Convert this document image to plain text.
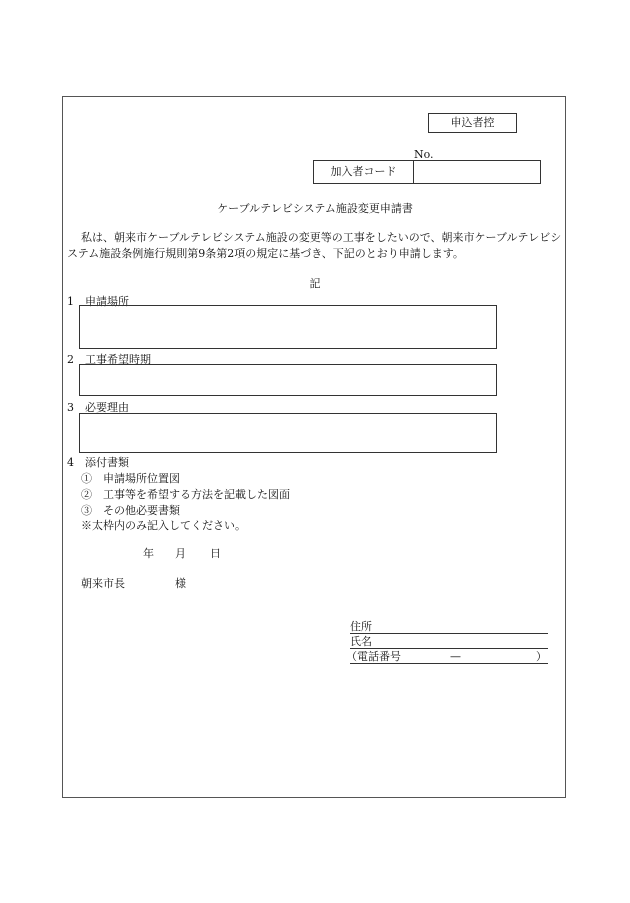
申込者控
No.
加入者コード
ケーブルテレビシステム施設変更申請書
私は、朝来市ケーブルテレビシステム施設の変更等の工事をしたいので、朝来市ケーブルテレビシステム施設条例施行規則第9条第2項の規定に基づき、下記のとおり申請します。
記
1 申請場所
2 工事希望時期
3 必要理由
4 添付書類
①　申請場所位置図
②　工事等を希望する方法を記載した図面
③　その他必要書類
※太枠内のみ記入してください。
年 月 日
朝来市長	様
住所
氏名
（電話番号	—	）
